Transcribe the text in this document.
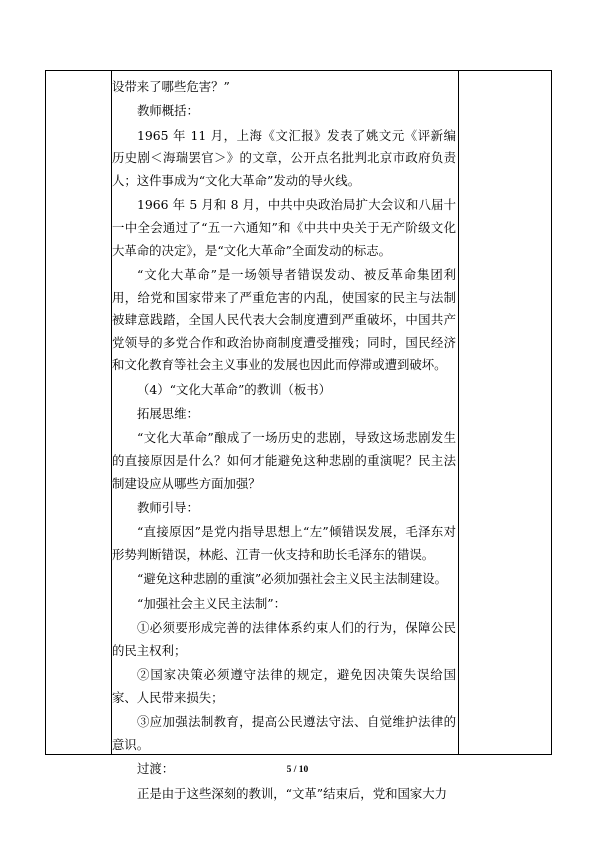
设带来了哪些危害？”

教师概括：

1965 年 11 月，上海《文汇报》发表了姚文元《评新编历史剧＜海瑞罢官＞》的文章，公开点名批判北京市政府负责人；这件事成为“文化大革命”发动的导火线。

1966 年 5 月和 8 月，中共中央政治局扩大会议和八届十一中全会通过了“五一六通知”和《中共中央关于无产阶级文化大革命的决定》，是“文化大革命”全面发动的标志。

“文化大革命”是一场领导者错误发动、被反革命集团利用，给党和国家带来了严重危害的内乱，使国家的民主与法制被肆意践踏，全国人民代表大会制度遭到严重破坏，中国共产党领导的多党合作和政治协商制度遭受摧残；同时，国民经济和文化教育等社会主义事业的发展也因此而停滞或遭到破坏。

（4）“文化大革命”的教训（板书）

拓展思维：

“文化大革命”酿成了一场历史的悲剧，导致这场悲剧发生的直接原因是什么？如何才能避免这种悲剧的重演呢？民主法制建设应从哪些方面加强？

教师引导：

“直接原因”是党内指导思想上“左”倾错误发展，毛泽东对形势判断错误，林彪、江青一伙支持和助长毛泽东的错误。

“避免这种悲剧的重演”必须加强社会主义民主法制建设。

“加强社会主义民主法制”：

①必须要形成完善的法律体系约束人们的行为，保障公民的民主权利；

②国家决策必须遵守法律的规定，避免因决策失误给国家、人民带来损失；

③应加强法制教育，提高公民遵法守法、自觉维护法律的意识。

过渡：

正是由于这些深刻的教训，“文革”结束后，党和国家大力

5 / 10
